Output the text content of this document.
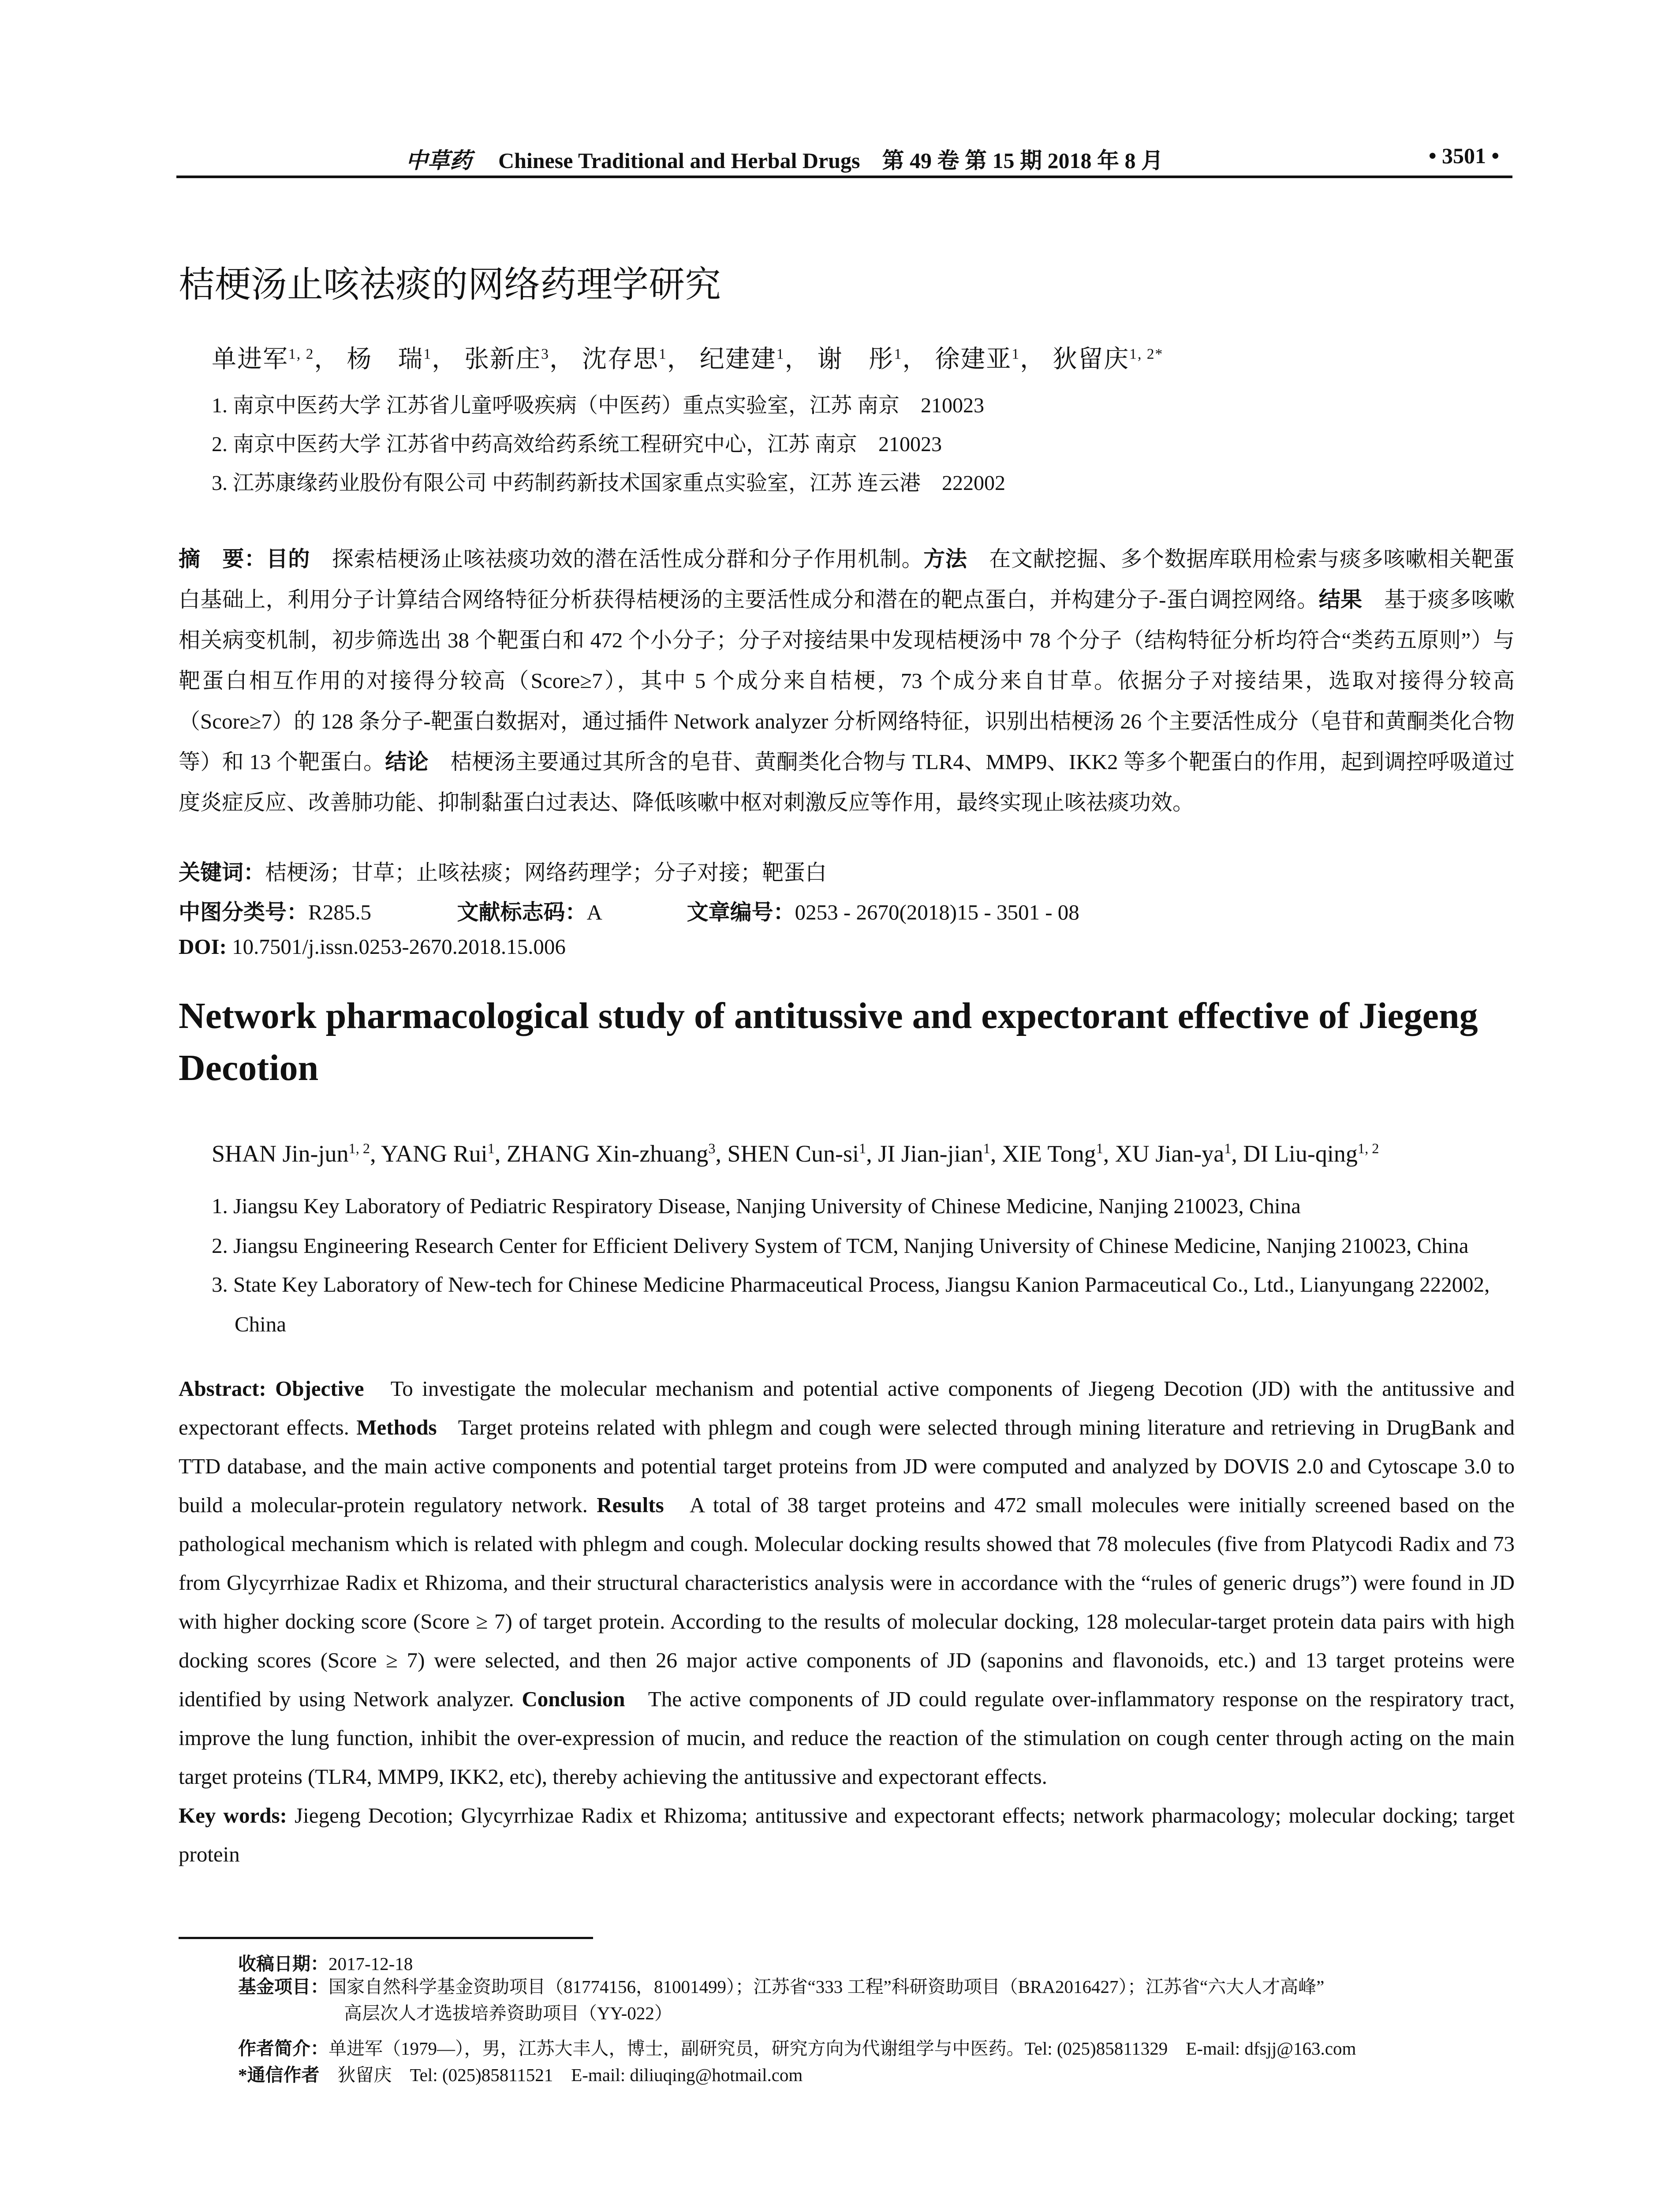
中草药 Chinese Traditional and Herbal Drugs 第 49 卷 第 15 期 2018 年 8 月	• 3501 •
桔梗汤止咳祛痰的网络药理学研究
单进军$^{1, 2}$， 杨　瑞$^1$， 张新庄$^3$， 沈存思$^1$， 纪建建$^1$， 谢　彤$^1$， 徐建亚$^1$， 狄留庆$^{1, 2*}$
1. 南京中医药大学 江苏省儿童呼吸疾病（中医药）重点实验室，江苏 南京　210023
2. 南京中医药大学 江苏省中药高效给药系统工程研究中心，江苏 南京　210023
3. 江苏康缘药业股份有限公司 中药制药新技术国家重点实验室，江苏 连云港　222002
摘　要：目的　 探索桔梗汤止咳祛痰功效的潜在活性成分群和分子作用机制。方法　 在文献挖掘、多个数据库联用检索与痰多咳嗽相关靶蛋白基础上，利用分子计算结合网络特征分析获得桔梗汤的主要活性成分和潜在的靶点蛋白，并构建分子-蛋白调控网络。结果　 基于痰多咳嗽相关病变机制，初步筛选出 38 个靶蛋白和 472 个小分子；分子对接结果中发现桔梗汤中 78 个分子（结构特征分析均符合“类药五原则”）与靶蛋白相互作用的对接得分较高（Score≥7），其中 5 个成分来自桔梗，73 个成分来自甘草。依据分子对接结果，选取对接得分较高（Score≥7）的 128 条分子-靶蛋白数据对，通过插件 Network analyzer 分析网络特征，识别出桔梗汤 26 个主要活性成分（皂苷和黄酮类化合物等）和 13 个靶蛋白。结论　 桔梗汤主要通过其所含的皂苷、黄酮类化合物与 TLR4、MMP9、IKK2 等多个靶蛋白的作用，起到调控呼吸道过度炎症反应、改善肺功能、抑制黏蛋白过表达、降低咳嗽中枢对刺激反应等作用，最终实现止咳祛痰功效。
关键词：桔梗汤；甘草；止咳祛痰；网络药理学；分子对接；靶蛋白
中图分类号：R285.5	文献标志码：A	文章编号：0253 - 2670(2018)15 - 3501 - 08
DOI: 10.7501/j.issn.0253-2670.2018.15.006
Network pharmacological study of antitussive and expectorant effective of Jiegeng Decotion
SHAN Jin-jun$^{1, 2}$, YANG Rui$^1$, ZHANG Xin-zhuang$^3$, SHEN Cun-$si^1$, JI Jian-jian$^1$, XIE Tong$^1$, XU Jian-$ya^1$, DI Liu-qing$^{1, 2}$
1. Jiangsu Key Laboratory of Pediatric Respiratory Disease, Nanjing University of Chinese Medicine, Nanjing 210023, China
2. Jiangsu Engineering Research Center for Efficient Delivery System of TCM, Nanjing University of Chinese Medicine, Nanjing 210023, China
3. State Key Laboratory of New-tech for Chinese Medicine Pharmaceutical Process, Jiangsu Kanion Parmaceutical Co., Ltd., Lianyungang 222002, China
Abstract: Objective To investigate the molecular mechanism and potential active components of Jiegeng Decotion (JD) with the antitussive and expectorant effects. Methods Target proteins related with phlegm and cough were selected through mining literature and retrieving in DrugBank and TTD database, and the main active components and potential target proteins from JD were computed and analyzed by DOVIS 2.0 and Cytoscape 3.0 to build a molecular-protein regulatory network. Results A total of 38 target proteins and 472 small molecules were initially screened based on the pathological mechanism which is related with phlegm and cough. Molecular docking results showed that 78 molecules (five from Platycodi Radix and 73 from Glycyrrhizae Radix et Rhizoma, and their structural characteristics analysis were in accordance with the “rules of generic drugs”) were found in JD with higher docking score (Score ≥ 7) of target protein. According to the results of molecular docking, 128 molecular-target protein data pairs with high docking scores (Score ≥ 7) were selected, and then 26 major active components of JD (saponins and flavonoids, etc.) and 13 target proteins were identified by using Network analyzer. Conclusion The active components of JD could regulate over-inflammatory response on the respiratory tract, improve the lung function, inhibit the over-expression of mucin, and reduce the reaction of the stimulation on cough center through acting on the main target proteins (TLR4, MMP9, IKK2, etc), thereby achieving the antitussive and expectorant effects.
Key words: Jiegeng Decotion; Glycyrrhizae Radix et Rhizoma; antitussive and expectorant effects; network pharmacology; molecular docking; target protein
收稿日期：2017-12-18
基金项目：国家自然科学基金资助项目（81774156，81001499）；江苏省“333 工程”科研资助项目（BRA2016427）；江苏省“六大人才高峰”
高层次人才选拔培养资助项目（YY-022）
作者简介：单进军（1979—），男，江苏大丰人，博士，副研究员，研究方向为代谢组学与中医药。Tel: (025)85811329　E-mail: dfsjj@163.com
*通信作者　 狄留庆　Tel: (025)85811521　E-mail: diliuqing@hotmail.com
